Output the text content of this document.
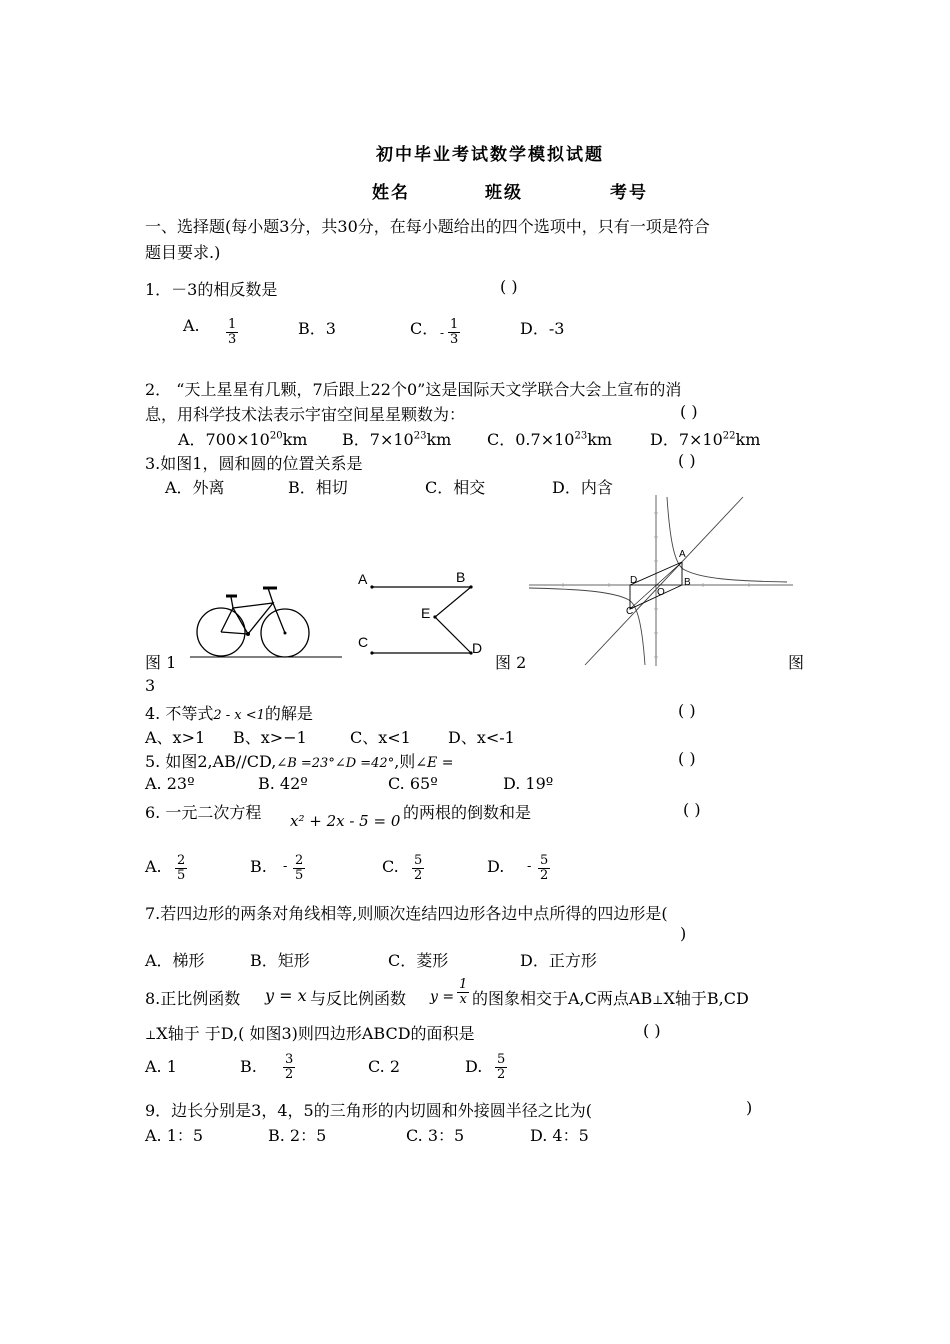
初中毕业考试数学模拟试题
姓名	班级	考号
一、选择题(每小题3分，共30分，在每小题给出的四个选项中，只有一项是符合
题目要求.)
1．－3的相反数是	( )
A. $\frac{1}{3}$	B．3	C． - $\frac{1}{3}$	D．-3
2． “天上星星有几颗，7后跟上22个0”这是国际天文学联合大会上宣布的消
息，用科学技术法表示宇宙空间星星颗数为：	( )
A．$700\times 10^{20}km$ B．$7\times 10^{23}km$ C．$0.7\times 10^{23}km$ D．$7\times 10^{22}km$
3.如图1，圆和圆的位置关系是	( )
A．外离	B．相切	C．相交	D．内含
图 1
A	B
E
C	D
图 2
A
B
D
O
C
图
3
4. 不等式2 - x <1的解是	( )
A、x>1 B、x>−1	C、x<1 D、x<-1
5. 如图2,AB//CD,∠B =23°∠D =42°,则∠E =	( )
A. 23º	B. 42º	C. 65º	D. 19º
6. 一元二次方程 x² + 2x - 5 = 0 的两根的倒数和是	( )
A. $\frac{2}{5}$	B. - $\frac{2}{5}$	C. $\frac{5}{2}$	D. - $\frac{5}{2}$
7.若四边形的两条对角线相等,则顺次连结四边形各边中点所得的四边形是(
)
A．梯形	B．矩形	C．菱形	D．正方形
8.正比例函数 y = x 与反比例函数 $y = \frac{1}{x}$ 的图象相交于A,C两点AB⊥X轴于B,CD
⊥X轴于 于D,( 如图3)则四边形ABCD的面积是	( )
A. 1	B. $\frac{3}{2}$	C. 2	D. $\frac{5}{2}$
9．边长分别是3，4，5的三角形的内切圆和外接圆半径之比为(	)
A. 1：5	B. 2：5	C. 3：5	D. 4：5
